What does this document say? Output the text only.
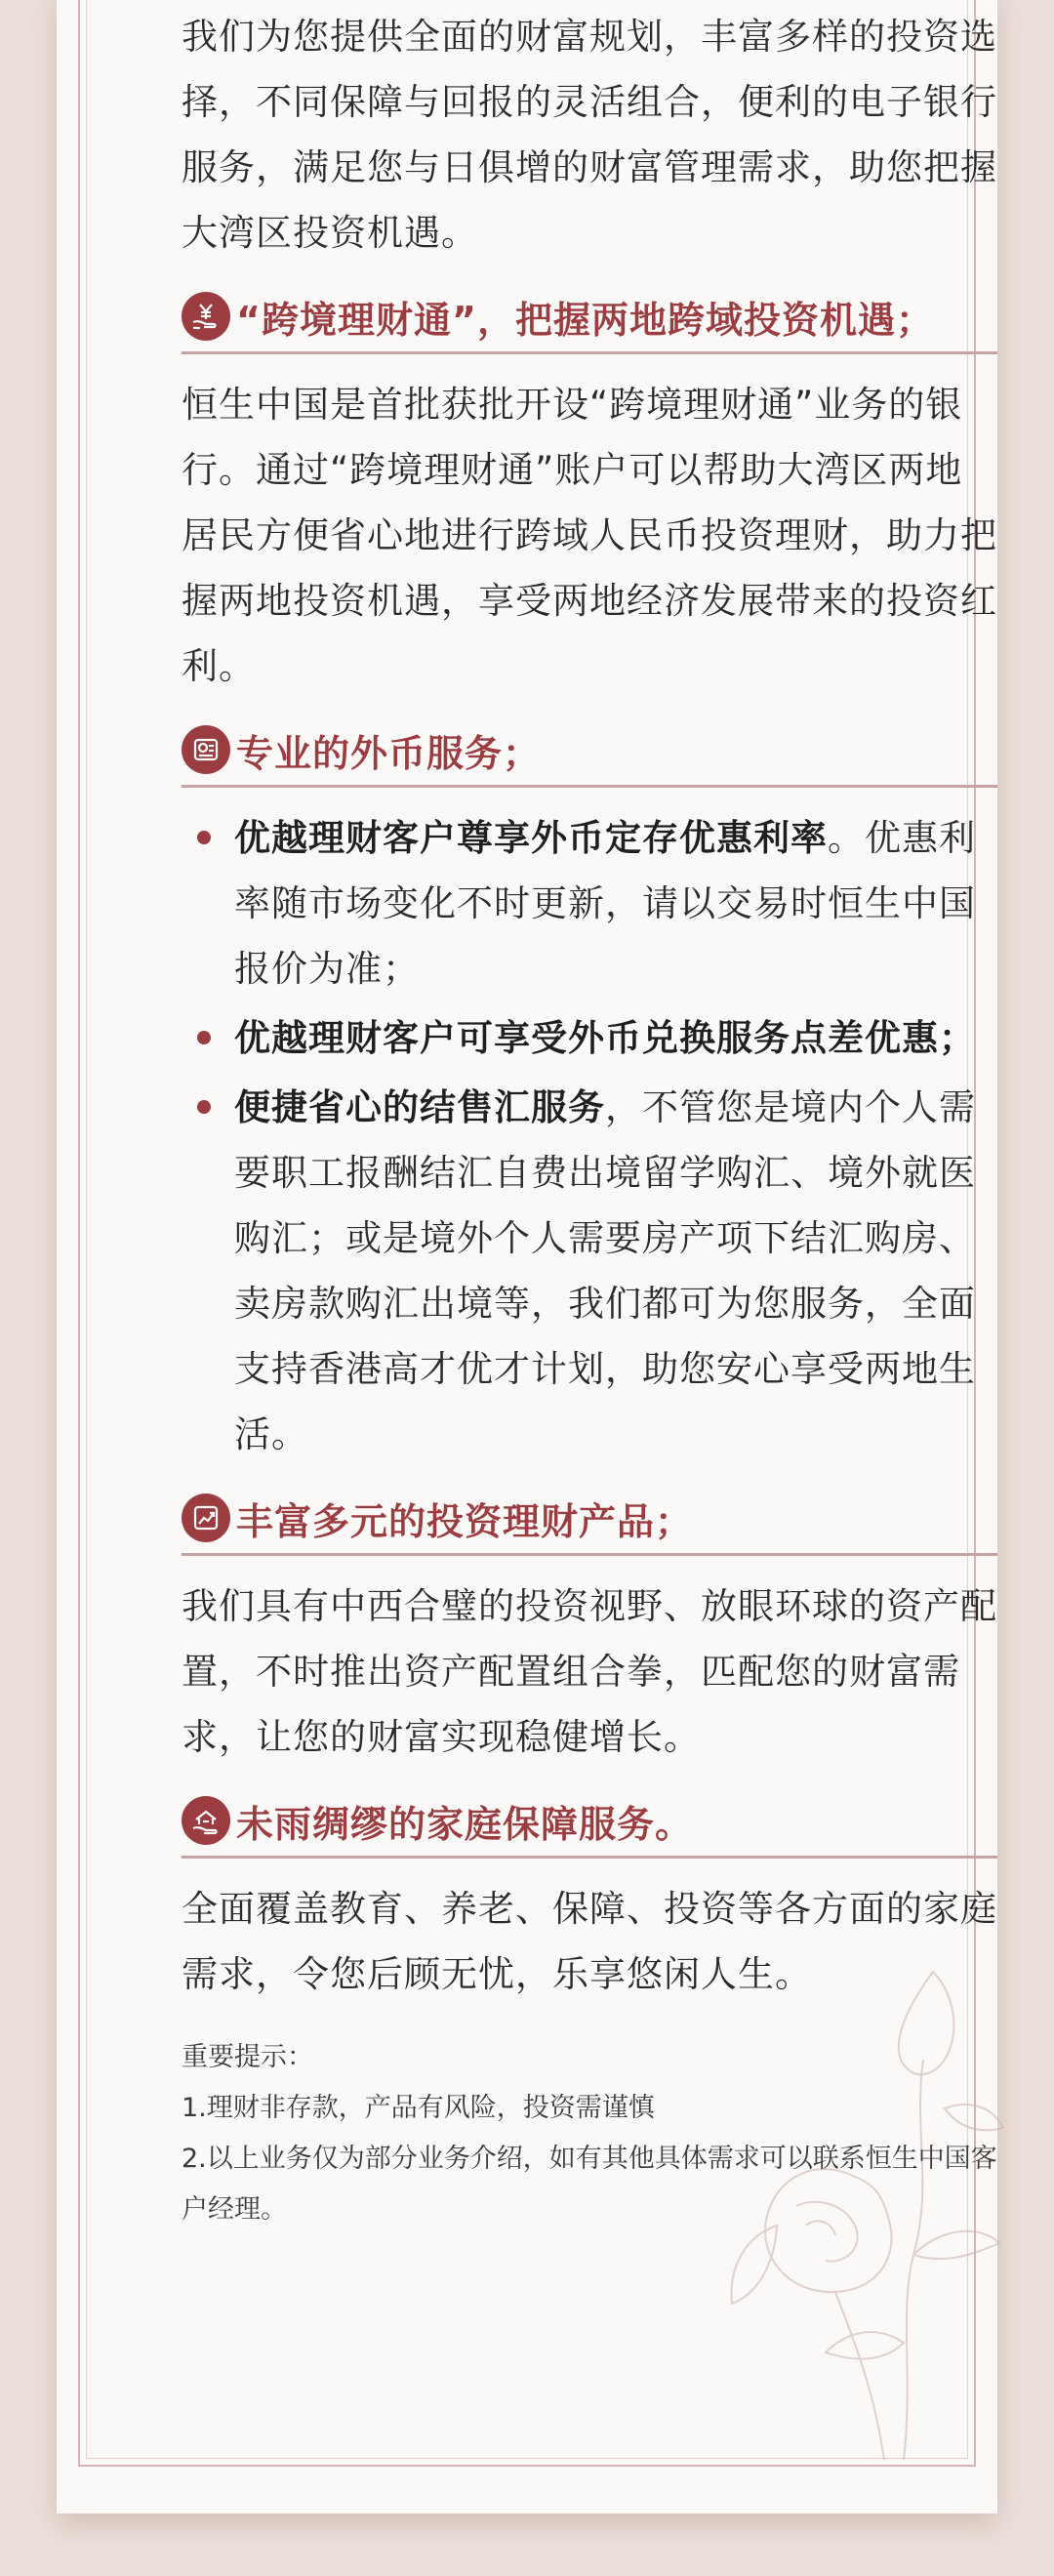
我们为您提供全面的财富规划，丰富多样的投资选择，不同保障与回报的灵活组合，便利的电子银行服务，满足您与日俱增的财富管理需求，助您把握大湾区投资机遇。

“跨境理财通”，把握两地跨域投资机遇；

恒生中国是首批获批开设“跨境理财通”业务的银行。通过“跨境理财通”账户可以帮助大湾区两地居民方便省心地进行跨域人民币投资理财，助力把握两地投资机遇，享受两地经济发展带来的投资红利。

专业的外币服务；
优越理财客户尊享外币定存优惠利率。优惠利率随市场变化不时更新，请以交易时恒生中国报价为准；
优越理财客户可享受外币兑换服务点差优惠；
便捷省心的结售汇服务，不管您是境内个人需要职工报酬结汇自费出境留学购汇、境外就医购汇；或是境外个人需要房产项下结汇购房、卖房款购汇出境等，我们都可为您服务，全面支持香港高才优才计划，助您安心享受两地生活。
丰富多元的投资理财产品；

我们具有中西合璧的投资视野、放眼环球的资产配置，不时推出资产配置组合拳，匹配您的财富需求，让您的财富实现稳健增长。

未雨绸缪的家庭保障服务。

全面覆盖教育、养老、保障、投资等各方面的家庭需求，令您后顾无忧，乐享悠闲人生。

重要提示：
1.理财非存款，产品有风险，投资需谨慎
2.以上业务仅为部分业务介绍，如有其他具体需求可以联系恒生中国客户经理。
